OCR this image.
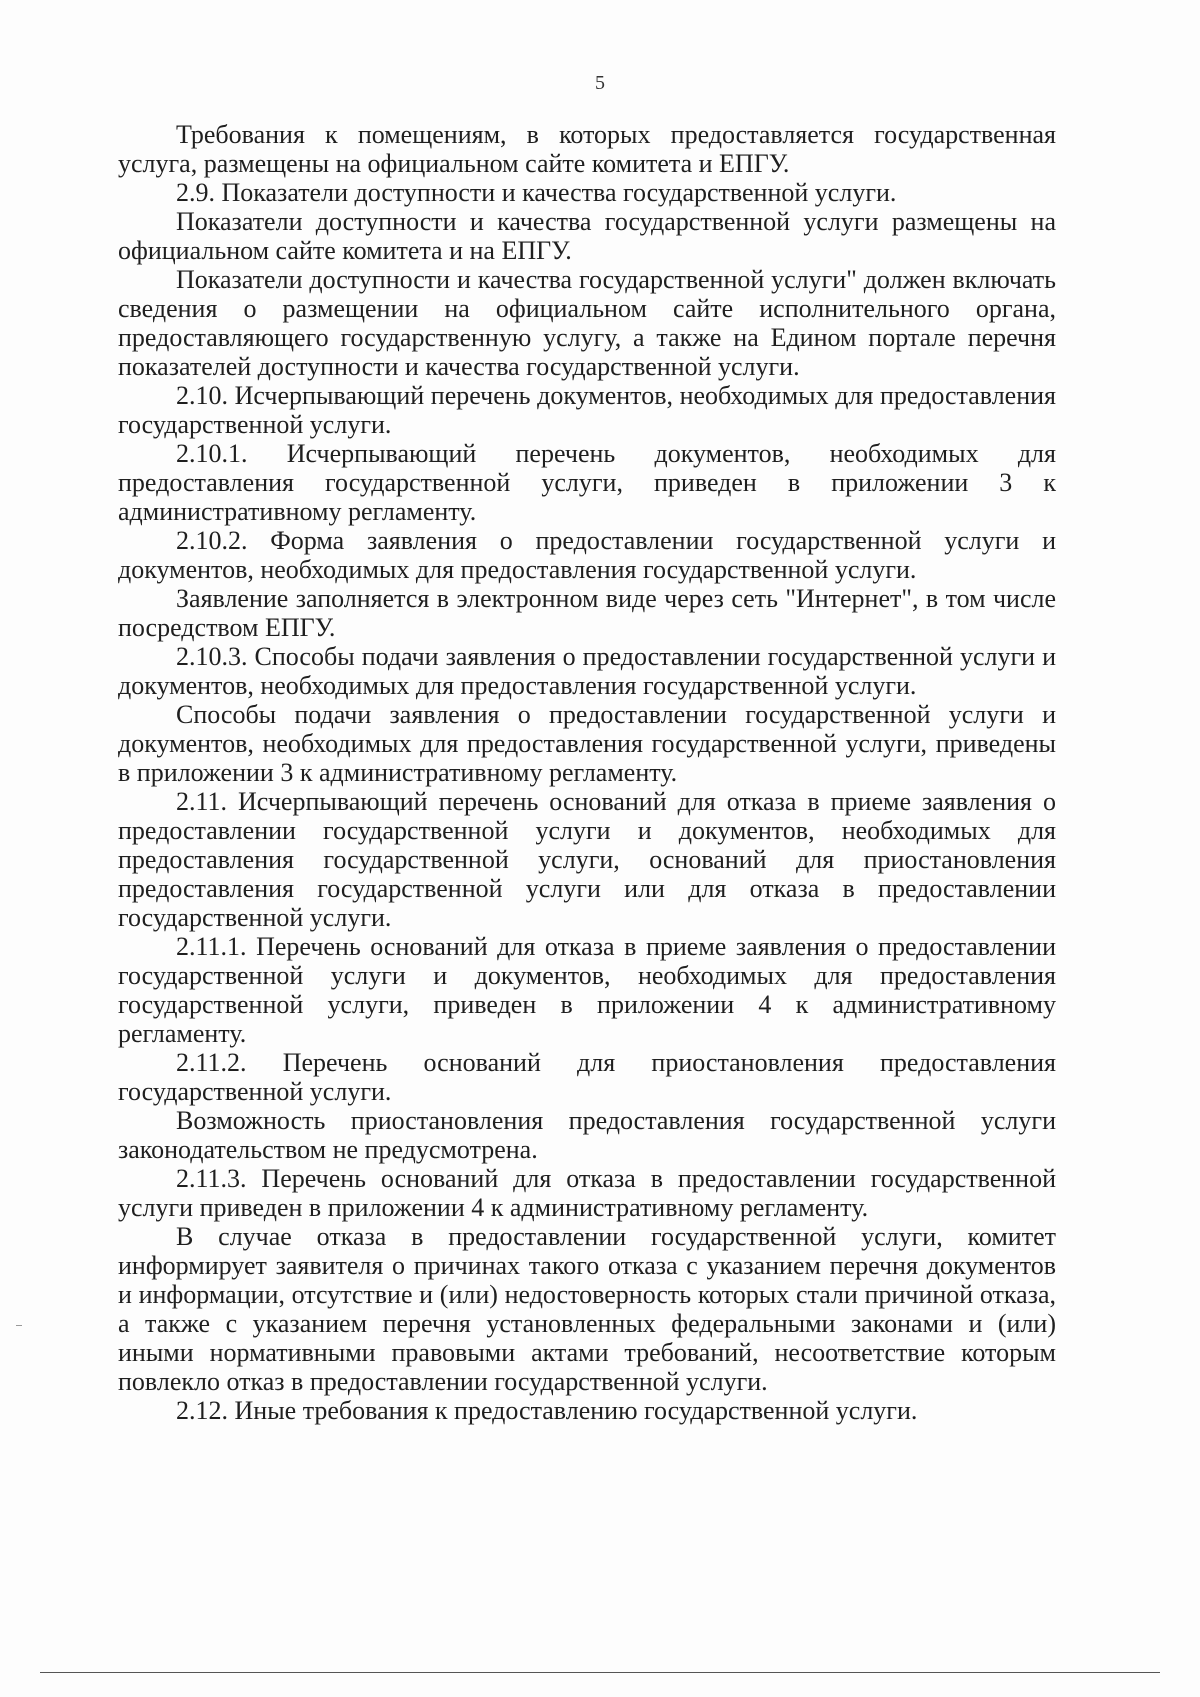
5

Требования к помещениям, в которых предоставляется государственная услуга, размещены на официальном сайте комитета и ЕПГУ.

2.9. Показатели доступности и качества государственной услуги.

Показатели доступности и качества государственной услуги размещены на официальном сайте комитета и на ЕПГУ.

Показатели доступности и качества государственной услуги" должен включать сведения о размещении на официальном сайте исполнительного органа, предоставляющего государственную услугу, а также на Едином портале перечня показателей доступности и качества государственной услуги.

2.10. Исчерпывающий перечень документов, необходимых для предоставления государственной услуги.

2.10.1. Исчерпывающий перечень документов, необходимых для предоставления государственной услуги, приведен в приложении 3 к административному регламенту.

2.10.2. Форма заявления о предоставлении государственной услуги и документов, необходимых для предоставления государственной услуги.

Заявление заполняется в электронном виде через сеть "Интернет", в том числе посредством ЕПГУ.

2.10.3. Способы подачи заявления о предоставлении государственной услуги и документов, необходимых для предоставления государственной услуги.

Способы подачи заявления о предоставлении государственной услуги и документов, необходимых для предоставления государственной услуги, приведены в приложении 3 к административному регламенту.

2.11. Исчерпывающий перечень оснований для отказа в приеме заявления о предоставлении государственной услуги и документов, необходимых для предоставления государственной услуги, оснований для приостановления предоставления государственной услуги или для отказа в предоставлении государственной услуги.

2.11.1. Перечень оснований для отказа в приеме заявления о предоставлении государственной услуги и документов, необходимых для предоставления государственной услуги, приведен в приложении 4 к административному регламенту.

2.11.2. Перечень оснований для приостановления предоставления государственной услуги.

Возможность приостановления предоставления государственной услуги законодательством не предусмотрена.

2.11.3. Перечень оснований для отказа в предоставлении государственной услуги приведен в приложении 4 к административному регламенту.

В случае отказа в предоставлении государственной услуги, комитет информирует заявителя о причинах такого отказа с указанием перечня документов и информации, отсутствие и (или) недостоверность которых стали причиной отказа, а также с указанием перечня установленных федеральными законами и (или) иными нормативными правовыми актами требований, несоответствие которым повлекло отказ в предоставлении государственной услуги.

2.12. Иные требования к предоставлению государственной услуги.
